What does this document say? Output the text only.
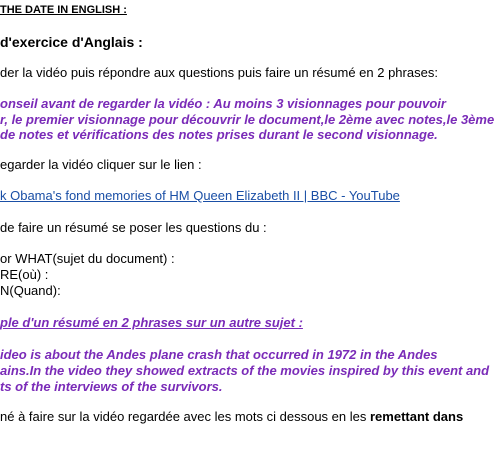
THE DATE IN ENGLISH :
d'exercice d'Anglais :
der la vidéo puis répondre aux questions puis faire un résumé en 2 phrases:
onseil avant de regarder la vidéo : Au moins 3 visionnages pour pouvoir
r, le premier visionnage pour découvrir le document,le 2ème avec notes,le 3ème
de notes et vérifications des notes prises durant le second visionnage.
egarder la vidéo cliquer sur le lien :
k Obama's fond memories of HM Queen Elizabeth II | BBC - YouTube
de faire un résumé se poser les questions du :
or WHAT(sujet du document) :
RE(où) :
N(Quand):
ple d'un résumé en 2 phrases sur un autre sujet :
ideo is about the Andes plane crash that occurred in 1972 in the Andes
ains.In the video they showed extracts of the movies inspired by this event and
ts of the interviews of the survivors.
né à faire sur la vidéo regardée avec les mots ci dessous en les remettant dans
